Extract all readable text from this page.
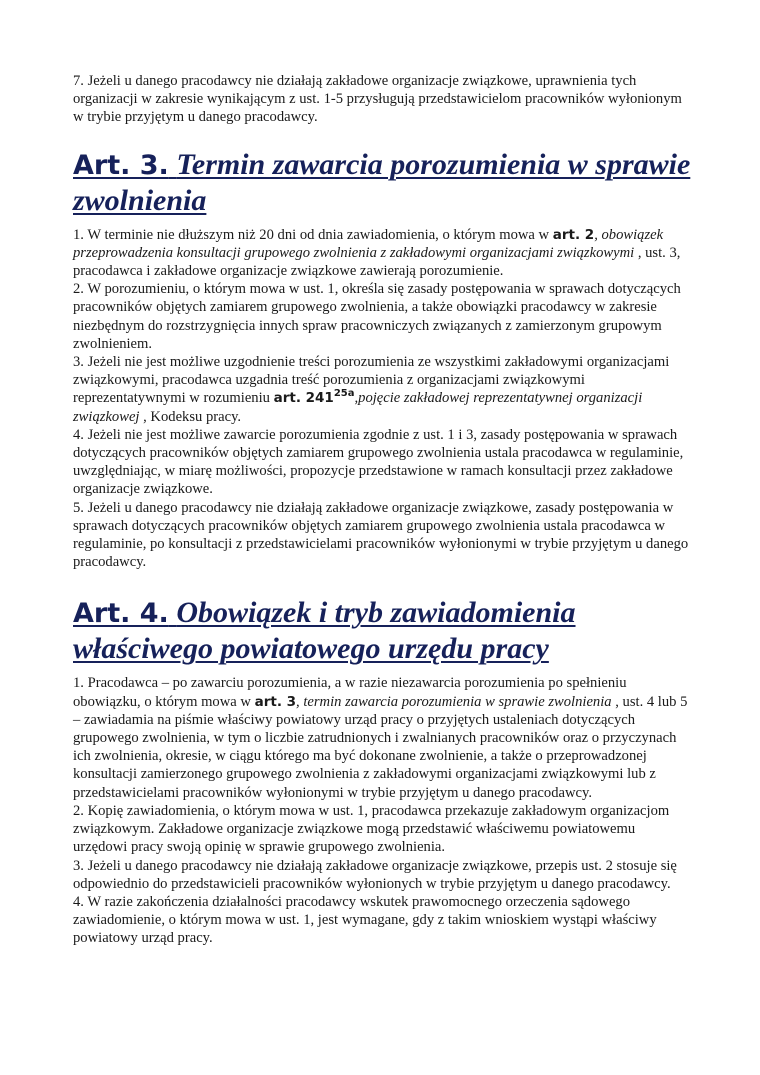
7. Jeżeli u danego pracodawcy nie działają zakładowe organizacje związkowe, uprawnienia tych organizacji w zakresie wynikającym z ust. 1-5 przysługują przedstawicielom pracowników wyłonionym w trybie przyjętym u danego pracodawcy.

Art. 3. Termin zawarcia porozumienia w sprawie zwolnienia

1. W terminie nie dłuższym niż 20 dni od dnia zawiadomienia, o którym mowa w art. 2, obowiązek przeprowadzenia konsultacji grupowego zwolnienia z zakładowymi organizacjami związkowymi , ust. 3, pracodawca i zakładowe organizacje związkowe zawierają porozumienie.

2. W porozumieniu, o którym mowa w ust. 1, określa się zasady postępowania w sprawach dotyczących pracowników objętych zamiarem grupowego zwolnienia, a także obowiązki pracodawcy w zakresie niezbędnym do rozstrzygnięcia innych spraw pracowniczych związanych z zamierzonym grupowym zwolnieniem.

3. Jeżeli nie jest możliwe uzgodnienie treści porozumienia ze wszystkimi zakładowymi organizacjami związkowymi, pracodawca uzgadnia treść porozumienia z organizacjami związkowymi reprezentatywnymi w rozumieniu art. $241^{25a},pojęcie$ zakładowej reprezentatywnej organizacji związkowej , Kodeksu pracy.

4. Jeżeli nie jest możliwe zawarcie porozumienia zgodnie z ust. 1 i 3, zasady postępowania w sprawach dotyczących pracowników objętych zamiarem grupowego zwolnienia ustala pracodawca w regulaminie, uwzględniając, w miarę możliwości, propozycje przedstawione w ramach konsultacji przez zakładowe organizacje związkowe.

5. Jeżeli u danego pracodawcy nie działają zakładowe organizacje związkowe, zasady postępowania w sprawach dotyczących pracowników objętych zamiarem grupowego zwolnienia ustala pracodawca w regulaminie, po konsultacji z przedstawicielami pracowników wyłonionymi w trybie przyjętym u danego pracodawcy.

Art. 4. Obowiązek i tryb zawiadomienia właściwego powiatowego urzędu pracy

1. Pracodawca – po zawarciu porozumienia, a w razie niezawarcia porozumienia po spełnieniu obowiązku, o którym mowa w art. 3, termin zawarcia porozumienia w sprawie zwolnienia , ust. 4 lub 5 – zawiadamia na piśmie właściwy powiatowy urząd pracy o przyjętych ustaleniach dotyczących grupowego zwolnienia, w tym o liczbie zatrudnionych i zwalnianych pracowników oraz o przyczynach ich zwolnienia, okresie, w ciągu którego ma być dokonane zwolnienie, a także o przeprowadzonej konsultacji zamierzonego grupowego zwolnienia z zakładowymi organizacjami związkowymi lub z przedstawicielami pracowników wyłonionymi w trybie przyjętym u danego pracodawcy.

2. Kopię zawiadomienia, o którym mowa w ust. 1, pracodawca przekazuje zakładowym organizacjom związkowym. Zakładowe organizacje związkowe mogą przedstawić właściwemu powiatowemu urzędowi pracy swoją opinię w sprawie grupowego zwolnienia.

3. Jeżeli u danego pracodawcy nie działają zakładowe organizacje związkowe, przepis ust. 2 stosuje się odpowiednio do przedstawicieli pracowników wyłonionych w trybie przyjętym u danego pracodawcy.

4. W razie zakończenia działalności pracodawcy wskutek prawomocnego orzeczenia sądowego zawiadomienie, o którym mowa w ust. 1, jest wymagane, gdy z takim wnioskiem wystąpi właściwy powiatowy urząd pracy.
